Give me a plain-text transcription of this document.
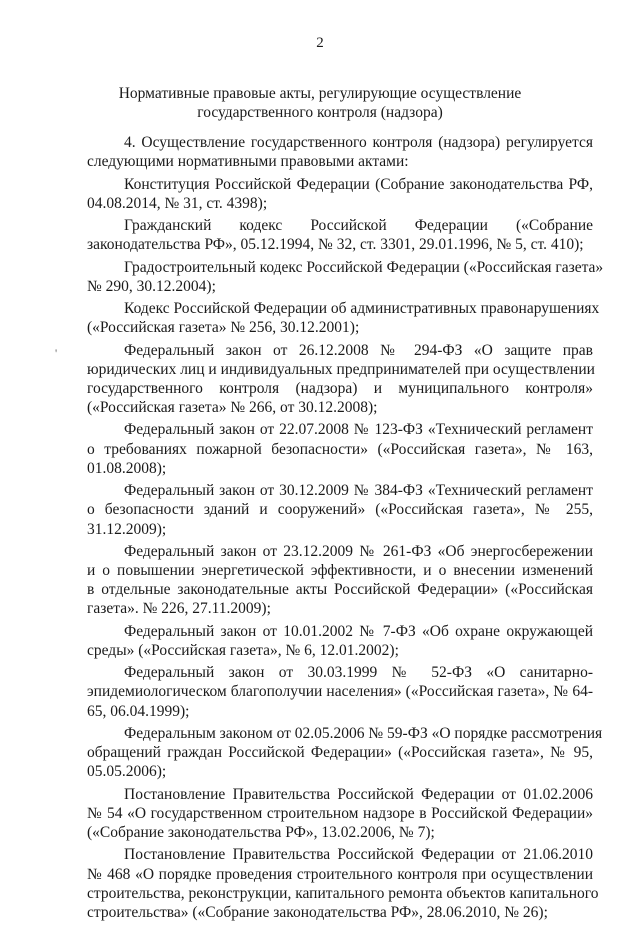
2
Нормативные правовые акты, регулирующие осуществление
государственного контроля (надзора)
'
4. Осуществление государственного контроля (надзора) регулируется
следующими нормативными правовыми актами:
Конституция Российской Федерации (Собрание законодательства РФ,
04.08.2014, № 31, ст. 4398);
Гражданский кодекс Российской Федерации («Собрание
законодательства РФ», 05.12.1994, № 32, ст. 3301, 29.01.1996, № 5, ст. 410);
Градостроительный кодекс Российской Федерации («Российская газета»
№ 290, 30.12.2004);
Кодекс Российской Федерации об административных правонарушениях
(«Российская газета» № 256, 30.12.2001);
Федеральный закон от 26.12.2008 № 294-ФЗ «О защите прав
юридических лиц и индивидуальных предпринимателей при осуществлении
государственного контроля (надзора) и муниципального контроля»
(«Российская газета» № 266, от 30.12.2008);
Федеральный закон от 22.07.2008 № 123-ФЗ «Технический регламент
о требованиях пожарной безопасности» («Российская газета», № 163,
01.08.2008);
Федеральный закон от 30.12.2009 № 384-ФЗ «Технический регламент
о безопасности зданий и сооружений» («Российская газета», № 255,
31.12.2009);
Федеральный закон от 23.12.2009 № 261-ФЗ «Об энергосбережении
и о повышении энергетической эффективности, и о внесении изменений
в отдельные законодательные акты Российской Федерации» («Российская
газета». № 226, 27.11.2009);
Федеральный закон от 10.01.2002 № 7-ФЗ «Об охране окружающей
среды» («Российская газета», № 6, 12.01.2002);
Федеральный закон от 30.03.1999 № 52-ФЗ «О санитарно-
эпидемиологическом благополучии населения» («Российская газета», № 64-
65, 06.04.1999);
Федеральным законом от 02.05.2006 № 59-ФЗ «О порядке рассмотрения
обращений граждан Российской Федерации» («Российская газета», № 95,
05.05.2006);
Постановление Правительства Российской Федерации от 01.02.2006
№ 54 «О государственном строительном надзоре в Российской Федерации»
(«Собрание законодательства РФ», 13.02.2006, № 7);
Постановление Правительства Российской Федерации от 21.06.2010
№ 468 «О порядке проведения строительного контроля при осуществлении
строительства, реконструкции, капитального ремонта объектов капитального
строительства» («Собрание законодательства РФ», 28.06.2010, № 26);
